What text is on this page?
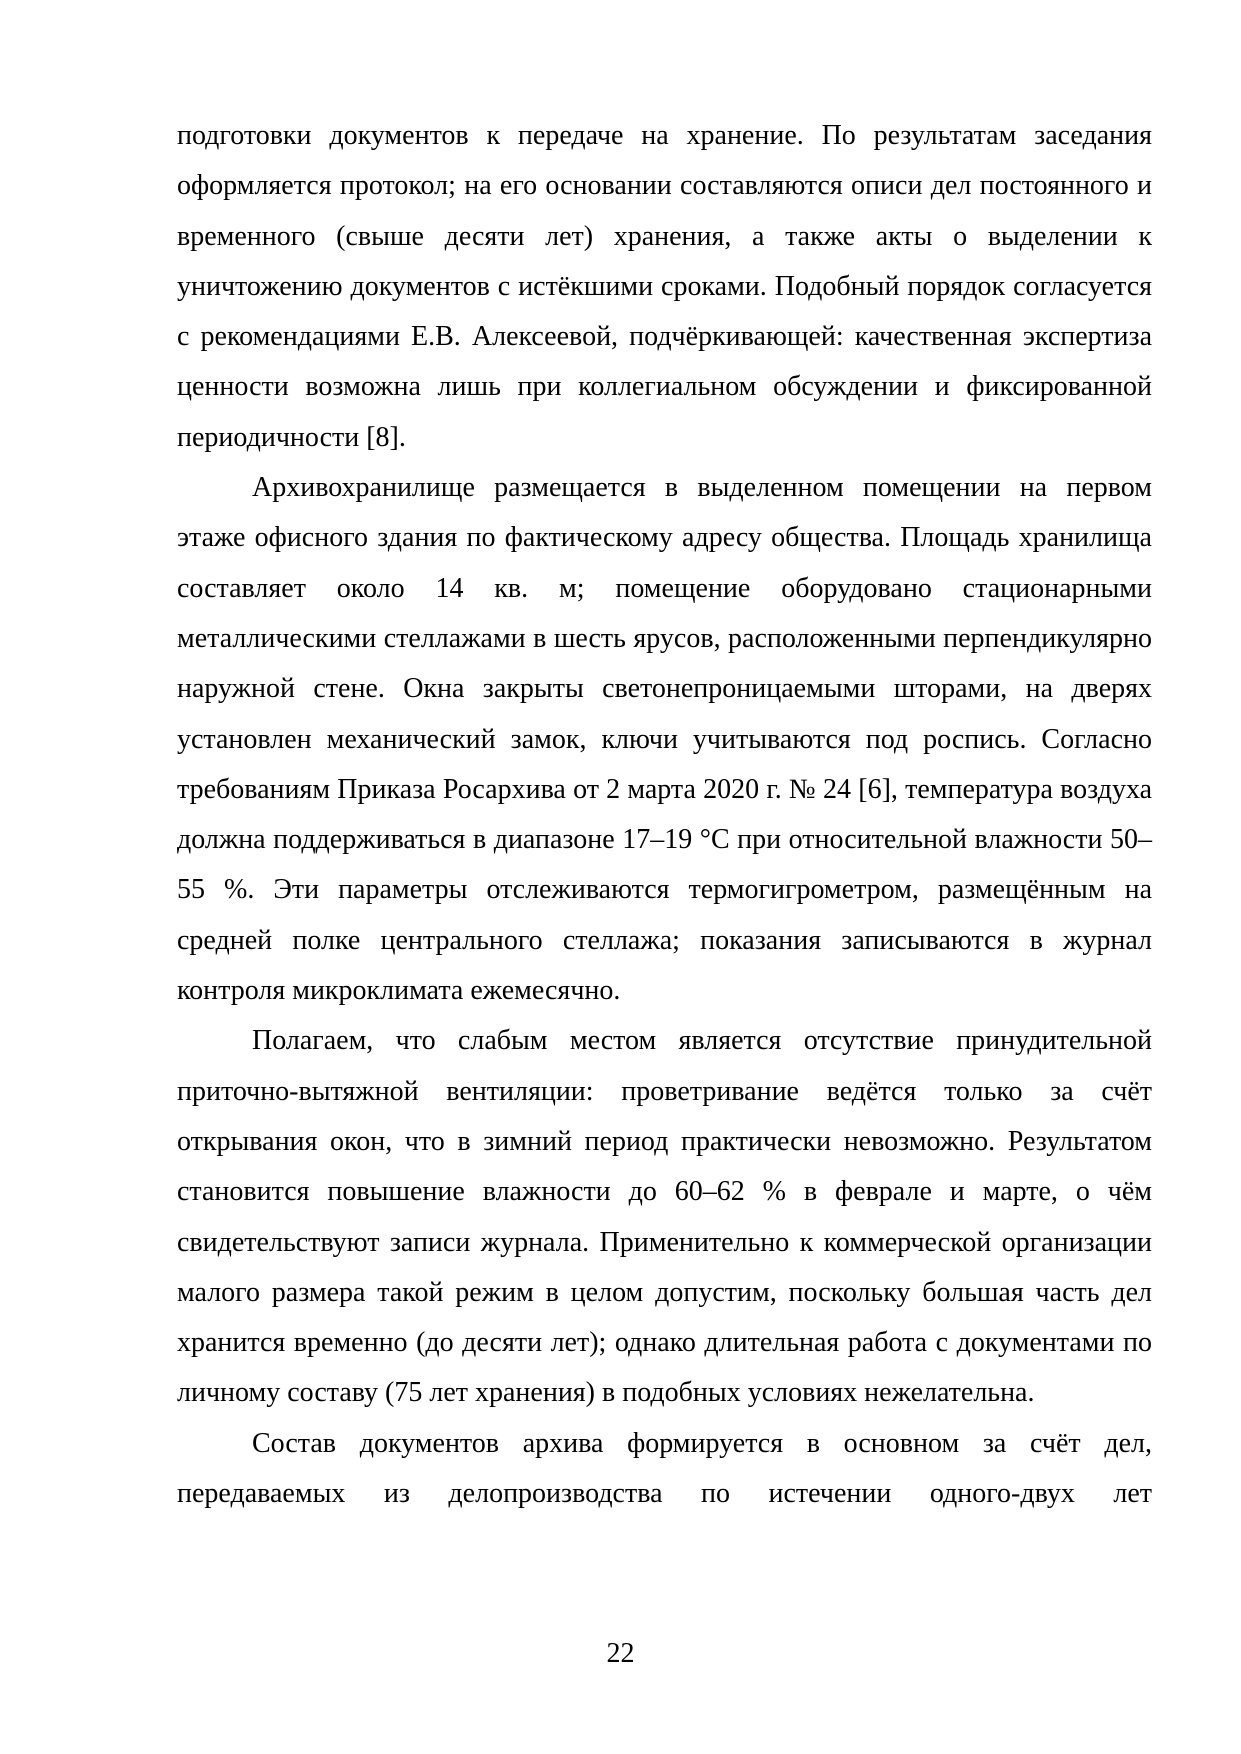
подготовки документов к передаче на хранение. По результатам заседания оформляется протокол; на его основании составляются описи дел постоянного и временного (свыше десяти лет) хранения, а также акты о выделении к уничтожению документов с истёкшими сроками. Подобный порядок согласуется с рекомендациями Е.В. Алексеевой, подчёркивающей: качественная экспертиза ценности возможна лишь при коллегиальном обсуждении и фиксированной периодичности [8].

Архивохранилище размещается в выделенном помещении на первом этаже офисного здания по фактическому адресу общества. Площадь хранилища составляет около 14 кв. м; помещение оборудовано стационарными металлическими стеллажами в шесть ярусов, расположенными перпендикулярно наружной стене. Окна закрыты светонепроницаемыми шторами, на дверях установлен механический замок, ключи учитываются под роспись. Согласно требованиям Приказа Росархива от 2 марта 2020 г. № 24 [6], температура воздуха должна поддерживаться в диапазоне 17–19 °С при относительной влажности 50–55 %. Эти параметры отслеживаются термогигрометром, размещённым на средней полке центрального стеллажа; показания записываются в журнал контроля микроклимата ежемесячно.

Полагаем, что слабым местом является отсутствие принудительной приточно-вытяжной вентиляции: проветривание ведётся только за счёт открывания окон, что в зимний период практически невозможно. Результатом становится повышение влажности до 60–62 % в феврале и марте, о чём свидетельствуют записи журнала. Применительно к коммерческой организации малого размера такой режим в целом допустим, поскольку большая часть дел хранится временно (до десяти лет); однако длительная работа с документами по личному составу (75 лет хранения) в подобных условиях нежелательна.

Состав документов архива формируется в основном за счёт дел, передаваемых из делопроизводства по истечении одного-двух лет

22
